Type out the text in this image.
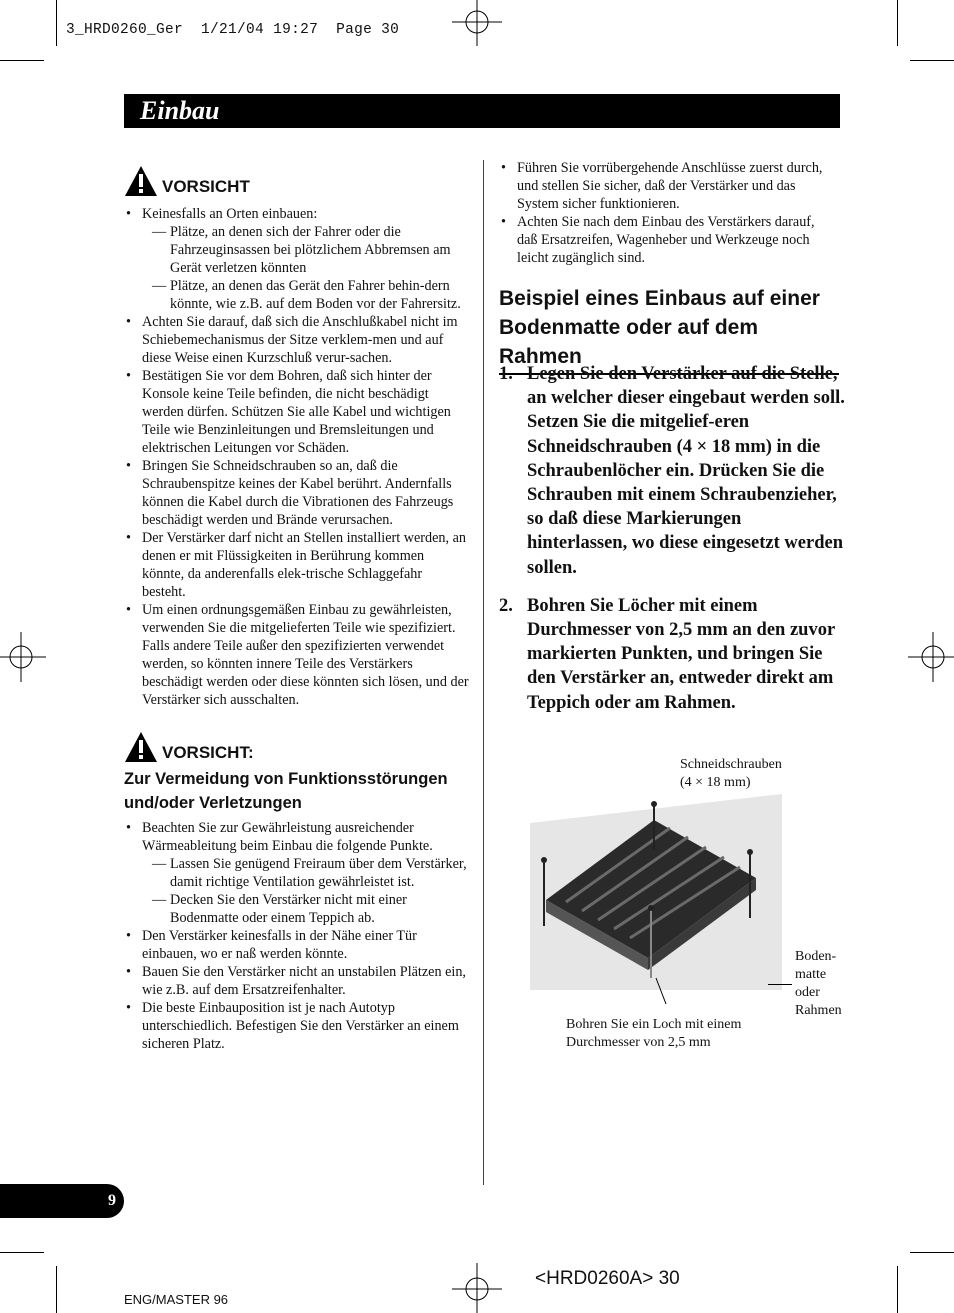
3_HRD0260_Ger 1/21/04 19:27 Page 30
Einbau
VORSICHT
• Keinesfalls an Orten einbauen:
— Plätze, an denen sich der Fahrer oder die Fahrzeuginsassen bei plötzlichem Abbremsen am Gerät verletzen könnten
— Plätze, an denen das Gerät den Fahrer behin-dern könnte, wie z.B. auf dem Boden vor der Fahrersitz.
• Achten Sie darauf, daß sich die Anschlußkabel nicht im Schiebemechanismus der Sitze verklem-men und auf diese Weise einen Kurzschluß verur-sachen.
• Bestätigen Sie vor dem Bohren, daß sich hinter der Konsole keine Teile befinden, die nicht beschädigt werden dürfen. Schützen Sie alle Kabel und wichtigen Teile wie Benzinleitungen und Bremsleitungen und elektrischen Leitungen vor Schäden.
• Bringen Sie Schneidschrauben so an, daß die Schraubenspitze keines der Kabel berührt. Andernfalls können die Kabel durch die Vibrationen des Fahrzeugs beschädigt werden und Brände verursachen.
• Der Verstärker darf nicht an Stellen installiert werden, an denen er mit Flüssigkeiten in Berührung kommen könnte, da anderenfalls elek-trische Schlaggefahr besteht.
• Um einen ordnungsgemäßen Einbau zu gewährleisten, verwenden Sie die mitgelieferten Teile wie spezifiziert. Falls andere Teile außer den spezifizierten verwendet werden, so könnten innere Teile des Verstärkers beschädigt werden oder diese könnten sich lösen, und der Verstärker sich ausschalten.
VORSICHT:
Zur Vermeidung von Funktionsstörungen und/oder Verletzungen
• Beachten Sie zur Gewährleistung ausreichender Wärmeableitung beim Einbau die folgende Punkte.
— Lassen Sie genügend Freiraum über dem Verstärker, damit richtige Ventilation gewährleistet ist.
— Decken Sie den Verstärker nicht mit einer Bodenmatte oder einem Teppich ab.
• Den Verstärker keinesfalls in der Nähe einer Tür einbauen, wo er naß werden könnte.
• Bauen Sie den Verstärker nicht an unstabilen Plätzen ein, wie z.B. auf dem Ersatzreifenhalter.
• Die beste Einbauposition ist je nach Autotyp unterschiedlich. Befestigen Sie den Verstärker an einem sicheren Platz.
• Führen Sie vorrübergehende Anschlüsse zuerst durch, und stellen Sie sicher, daß der Verstärker und das System sicher funktionieren.
• Achten Sie nach dem Einbau des Verstärkers darauf, daß Ersatzreifen, Wagenheber und Werkzeuge noch leicht zugänglich sind.
Beispiel eines Einbaus auf einer
Bodenmatte oder auf dem Rahmen
1. Legen Sie den Verstärker auf die Stelle, an welcher dieser eingebaut werden soll. Setzen Sie die mitgelief-eren Schneidschrauben (4 × 18 mm) in die Schraubenlöcher ein. Drücken Sie die Schrauben mit einem Schraubenzieher, so daß diese Markierungen hinterlassen, wo diese eingesetzt werden sollen.
2. Bohren Sie Löcher mit einem Durchmesser von 2,5 mm an den zuvor markierten Punkten, und bringen Sie den Verstärker an, entweder direkt am Teppich oder am Rahmen.
Schneidschrauben
(4 × 18 mm)
Boden-
matte
oder
Rahmen
Bohren Sie ein Loch mit einem
Durchmesser von 2,5 mm
9
ENG/MASTER 96
<HRD0260A> 30
